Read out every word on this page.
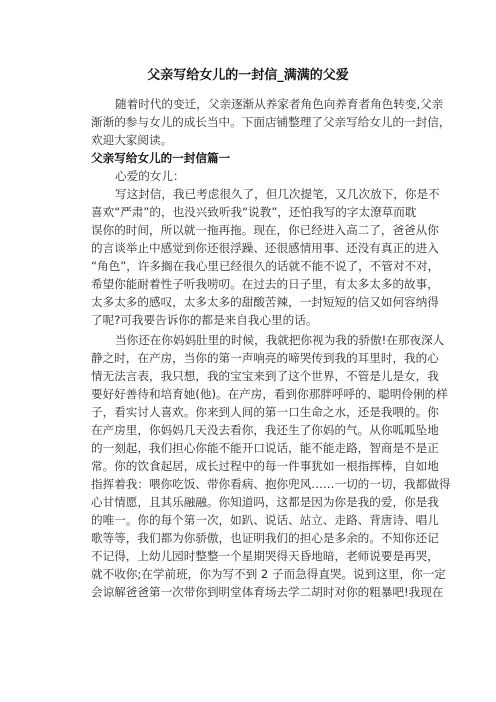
父亲写给女儿的一封信_满满的父爱
随着时代的变迁，父亲逐渐从养家者角色向养育者角色转变,父亲
渐渐的参与女儿的成长当中。下面店铺整理了父亲写给女儿的一封信，
欢迎大家阅读。
父亲写给女儿的一封信篇一
心爱的女儿：
写这封信，我已考虑很久了，但几次提笔，又几次放下，你是不
喜欢“严肃”的，也没兴致听我“说教”，还怕我写的字太潦草而耽
误你的时间，所以就一拖再拖。现在，你已经进入高二了，爸爸从你
的言谈举止中感觉到你还很浮躁、还很感情用事、还没有真正的进入
“角色”，许多搁在我心里已经很久的话就不能不说了，不管对不对，
希望你能耐着性子听我唠叨。在过去的日子里，有太多太多的故事，
太多太多的感叹，太多太多的甜酸苦辣，一封短短的信又如何容纳得
了呢?可我要告诉你的都是来自我心里的话。
当你还在你妈妈肚里的时候，我就把你视为我的骄傲!在那夜深人
静之时，在产房，当你的第一声响亮的啼哭传到我的耳里时，我的心
情无法言表，我只想，我的宝宝来到了这个世界，不管是儿是女，我
要好好善待和培育她(他)。在产房，看到你那胖呼呼的、聪明伶俐的样
子，看实讨人喜欢。你来到人间的第一口生命之水，还是我喂的。你
在产房里，你妈妈几天没去看你，我还生了你妈的气。从你呱呱坠地
的一刻起，我们担心你能不能开口说话，能不能走路，智商是不是正
常。你的饮食起居，成长过程中的每一件事犹如一根指挥棒，自如地
指挥着我：喂你吃饭、带你看病、抱你兜风……一切的一切，我都做得
心甘情愿，且其乐融融。你知道吗，这都是因为你是我的爱，你是我
的唯一。你的每个第一次，如趴、说话、站立、走路、背唐诗、唱儿
歌等等，我们都为你骄傲，也证明我们的担心是多余的。不知你还记
不记得，上幼儿园时整整一个星期哭得天昏地暗，老师说要是再哭，
就不收你;在学前班，你为写不到 2 子而急得直哭。说到这里，你一定
会谅解爸爸第一次带你到明堂体育场去学二胡时对你的粗暴吧!我现在
